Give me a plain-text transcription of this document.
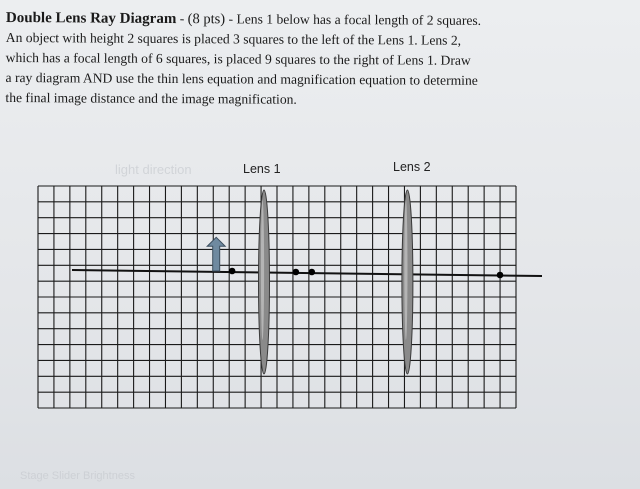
Double Lens Ray Diagram - (8 pts) - Lens 1 below has a focal length of 2 squares.

An object with height 2 squares is placed 3 squares to the left of the Lens 1. Lens 2,

which has a focal length of 6 squares, is placed 9 squares to the right of Lens 1. Draw

a ray diagram AND use the thin lens equation and magnification equation to determine

the final image distance and the image magnification.

light direction
Stage Slider Brightness
Lens 1	Lens 2
